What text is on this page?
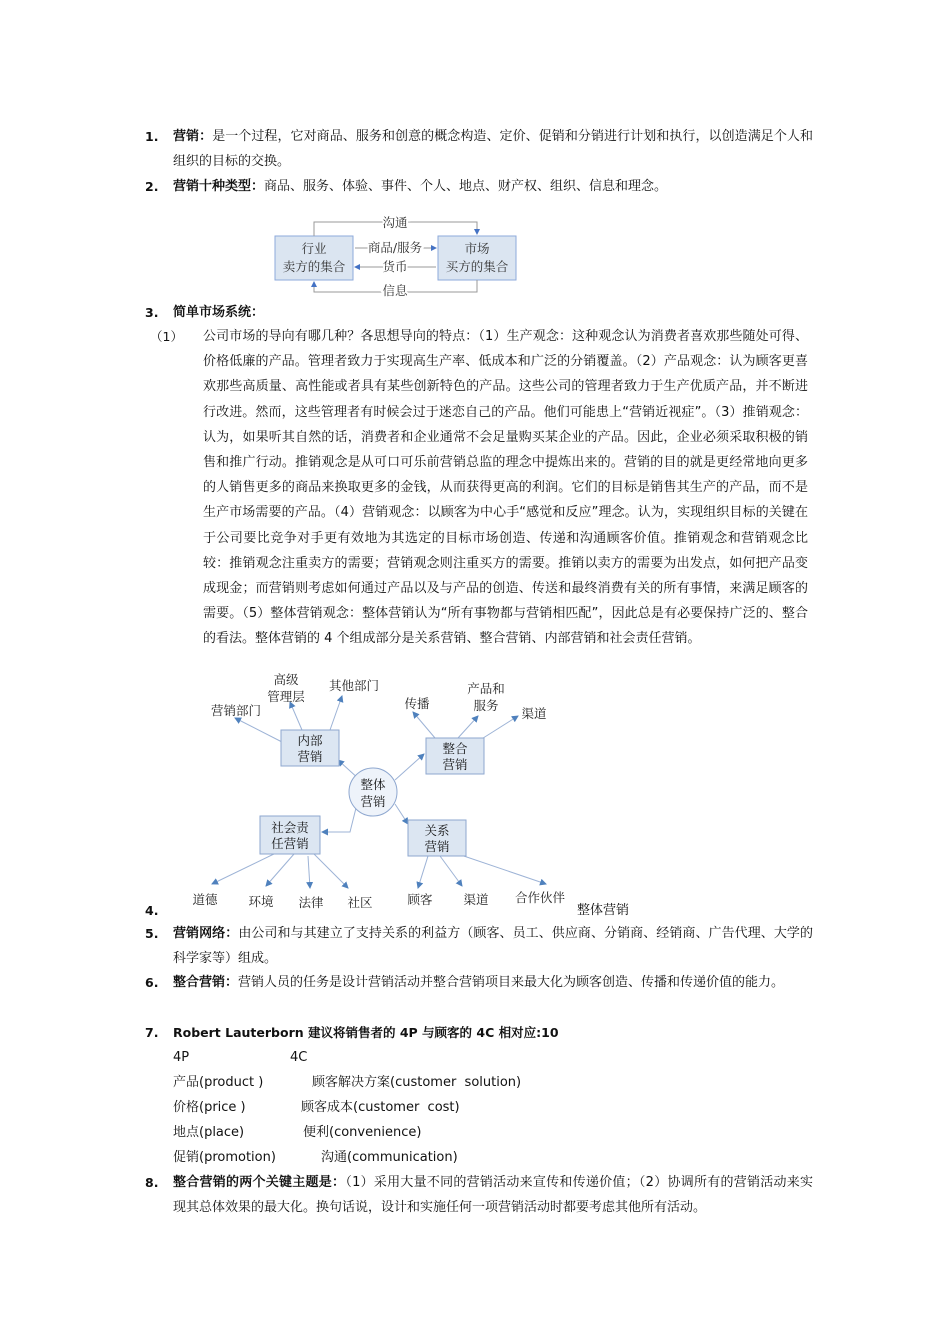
1. 营销：是一个过程，它对商品、服务和创意的概念构造、定价、促销和分销进行计划和执行，以创造满足个人和组织的目标的交换。
2. 营销十种类型：商品、服务、体验、事件、个人、地点、财产权、组织、信息和理念。
行业
卖方的集合
市场
买方的集合
沟通
商品/服务
货币
信息
3. 简单市场系统：
（1） 公司市场的导向有哪几种？各思想导向的特点：（1）生产观念：这种观念认为消费者喜欢那些随处可得、价格低廉的产品。管理者致力于实现高生产率、低成本和广泛的分销覆盖。（2）产品观念：认为顾客更喜欢那些高质量、高性能或者具有某些创新特色的产品。这些公司的管理者致力于生产优质产品，并不断进行改进。然而，这些管理者有时候会过于迷恋自己的产品。他们可能患上“营销近视症”。（3）推销观念：认为，如果听其自然的话，消费者和企业通常不会足量购买某企业的产品。因此，企业必须采取积极的销售和推广行动。推销观念是从可口可乐前营销总监的理念中提炼出来的。营销的目的就是更经常地向更多的人销售更多的商品来换取更多的金钱，从而获得更高的利润。它们的目标是销售其生产的产品，而不是生产市场需要的产品。（4）营销观念：以顾客为中心手“感觉和反应”理念。认为，实现组织目标的关键在于公司要比竞争对手更有效地为其选定的目标市场创造、传递和沟通顾客价值。推销观念和营销观念比较：推销观念注重卖方的需要；营销观念则注重买方的需要。推销以卖方的需要为出发点，如何把产品变成现金；而营销则考虑如何通过产品以及与产品的创造、传送和最终消费有关的所有事情，来满足顾客的需要。（5）整体营销观念：整体营销认为“所有事物都与营销相匹配”，因此总是有必要保持广泛的、整合的看法。整体营销的 4 个组成部分是关系营销、整合营销、内部营销和社会责任营销。
整体
营销
内部
营销
营销部门
高级
管理层
其他部门
整合
营销
传播
产品和
服务
渠道
社会责
任营销
道德 环境 法律 社区
关系
营销
顾客 渠道 合作伙伴
4.	整体营销
5. 营销网络：由公司和与其建立了支持关系的利益方（顾客、员工、供应商、分销商、经销商、广告代理、大学的科学家等）组成。
6. 整合营销：营销人员的任务是设计营销活动并整合营销项目来最大化为顾客创造、传播和传递价值的能力。
7. Robert Lauterborn 建议将销售者的 4P 与顾客的 4C 相对应:10
4P	4C
产品(product )	顾客解决方案(customer  solution)
价格(price )	顾客成本(customer  cost)
地点(place)	便利(convenience)
促销(promotion)	沟通(communication)
8. 整合营销的两个关键主题是：（1）采用大量不同的营销活动来宣传和传递价值；（2）协调所有的营销活动来实现其总体效果的最大化。换句话说，设计和实施任何一项营销活动时都要考虑其他所有活动。
